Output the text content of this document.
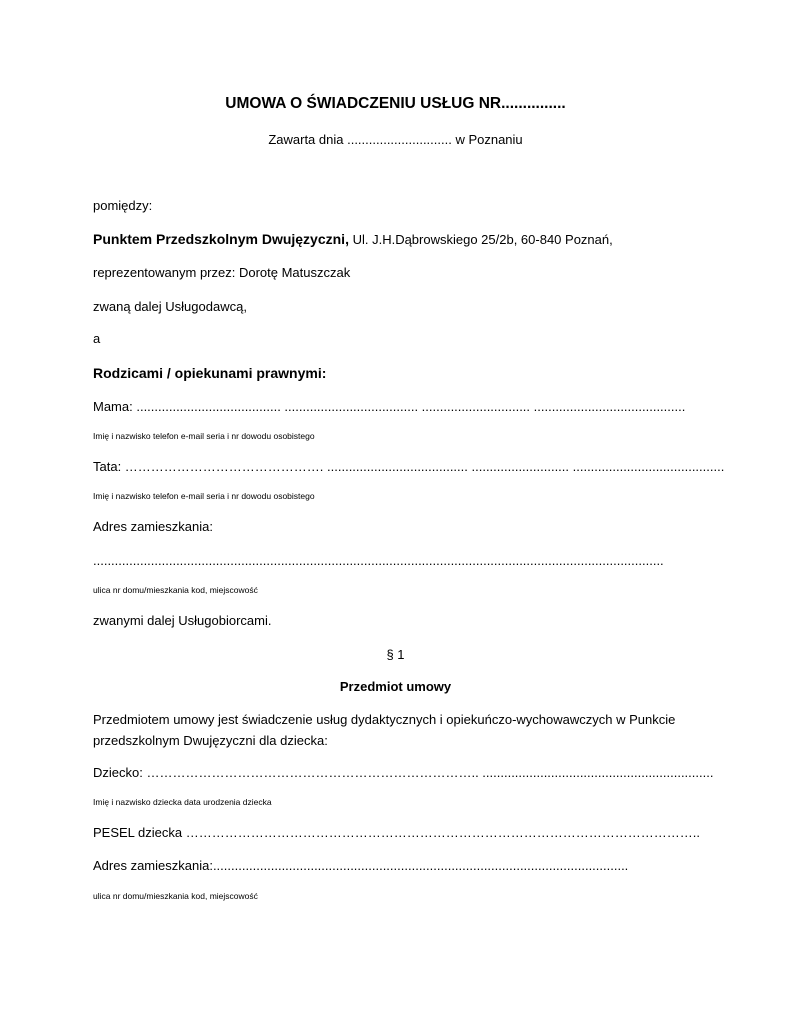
UMOWA O ŚWIADCZENIU USŁUG NR...............
Zawarta dnia ............................. w Poznaniu
pomiędzy:
Punktem Przedszkolnym Dwujęzyczni, Ul. J.H.Dąbrowskiego 25/2b, 60-840 Poznań,
reprezentowanym przez: Dorotę Matuszczak
zwaną dalej Usługodawcą,
a
Rodzicami / opiekunami prawnymi:
Mama: ........................................ ..................................... .............................. ..........................................
Imię i nazwisko telefon e-mail seria i nr dowodu osobistego
Tata: ………………………………………. ....................................... ........................... ..........................................
Imię i nazwisko telefon e-mail seria i nr dowodu osobistego
Adres zamieszkania:
..............................................................................................................................................................
ulica nr domu/mieszkania kod, miejscowość
zwanymi dalej Usługobiorcami.
§ 1
Przedmiot umowy
Przedmiotem umowy jest świadczenie usług dydaktycznych i opiekuńczo-wychowawczych w Punkcie przedszkolnym Dwujęzyczni dla dziecka:
Dziecko: ………………………………………………………………….. ................................................................
Imię i nazwisko dziecka data urodzenia dziecka
PESEL dziecka ………………………………………………………………………………………………………..
Adres zamieszkania:...................................................................................................................
ulica nr domu/mieszkania kod, miejscowość
